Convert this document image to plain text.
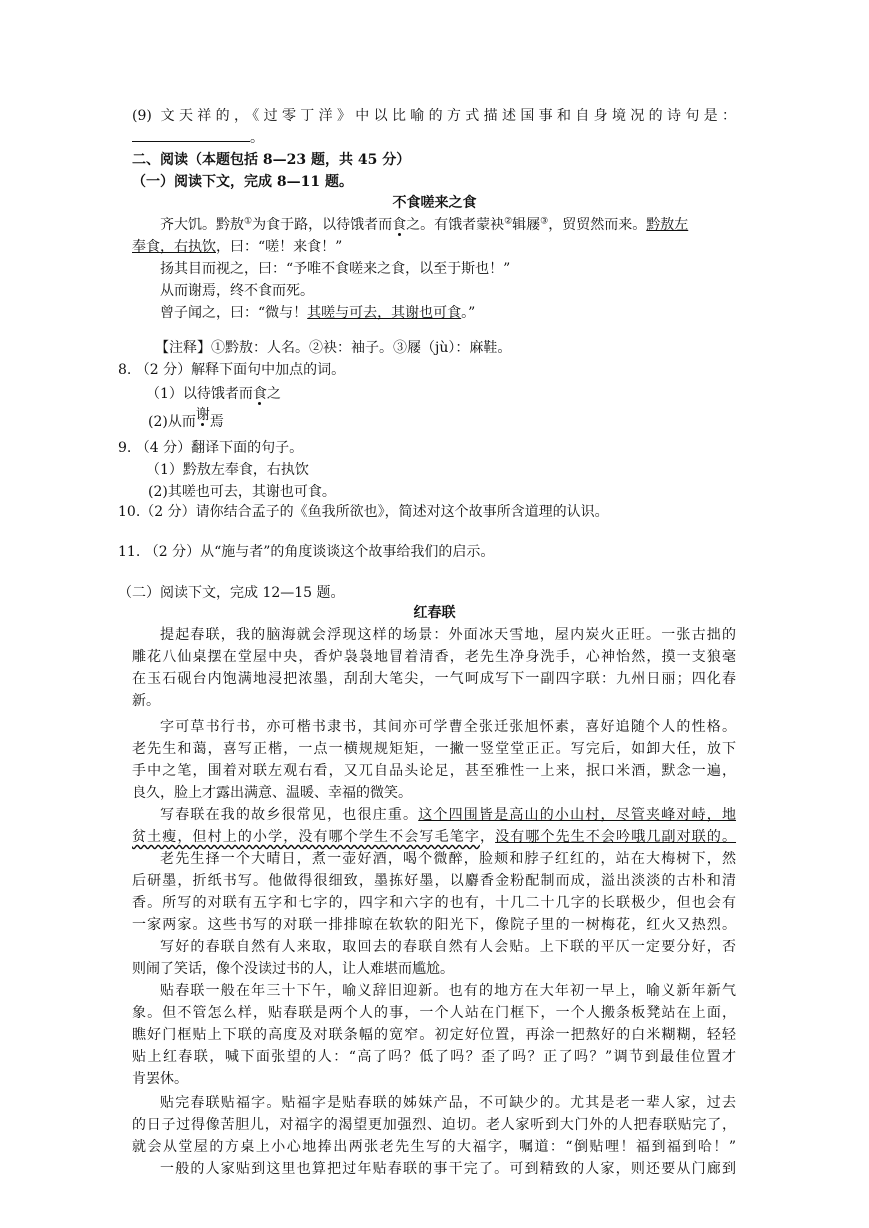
(9) 文天祥的，《过零丁洋》中以比喻的方式描述国事和自身境况的诗句是：
。
二、阅读（本题包括 8—23 题，共 45 分）
（一）阅读下文，完成 8—11 题。
不食嗟来之食
齐大饥。黔敖①为食于路，以待饿者而食之。有饿者蒙袂②辑屦③，贸贸然而来。黔敖左
奉食，右执饮，曰：“嗟！来食！”
扬其目而视之，曰：“予唯不食嗟来之食，以至于斯也！”
从而谢焉，终不食而死。
曾子闻之，曰：“微与！其嗟与可去，其谢也可食。”
【注释】①黔敖：人名。②袂：袖子。③屦（jù）：麻鞋。
8. （2 分）解释下面句中加点的词。
（1）以待饿者而食之
(2)从而谢焉
9. （4 分）翻译下面的句子。
（1）黔敖左奉食，右执饮
(2)其嗟也可去，其谢也可食。
10.（2 分）请你结合孟子的《鱼我所欲也》，简述对这个故事所含道理的认识。
11. （2 分）从“施与者”的角度谈谈这个故事给我们的启示。
（二）阅读下文，完成 12—15 题。
红春联
提起春联，我的脑海就会浮现这样的场景：外面冰天雪地，屋内炭火正旺。一张古拙的
雕花八仙桌摆在堂屋中央，香炉袅袅地冒着清香，老先生净身洗手，心神怡然，摸一支狼毫
在玉石砚台内饱满地浸把浓墨，刮刮大笔尖，一气呵成写下一副四字联：九州日丽；四化春
新。
字可草书行书，亦可楷书隶书，其间亦可学曹全张迁张旭怀素，喜好追随个人的性格。
老先生和蔼，喜写正楷，一点一横规规矩矩，一撇一竖堂堂正正。写完后，如卸大任，放下
手中之笔，围着对联左观右看，又兀自品头论足，甚至雅性一上来，抿口米酒，默念一遍，
良久，脸上才露出满意、温暖、幸福的微笑。
写春联在我的故乡很常见，也很庄重。这个四围皆是高山的小山村，尽管夹峰对峙，地
贫土瘦，但村上的小学，没有哪个学生不会写毛笔字，没有哪个先生不会吟哦几副对联的。
老先生择一个大晴日，煮一壶好酒，喝个微醉，脸颊和脖子红红的，站在大梅树下，然
后研墨，折纸书写。他做得很细致，墨拣好墨，以麝香金粉配制而成，溢出淡淡的古朴和清
香。所写的对联有五字和七字的，四字和六字的也有，十几二十几字的长联极少，但也会有
一家两家。这些书写的对联一排排晾在软软的阳光下，像院子里的一树梅花，红火又热烈。
写好的春联自然有人来取，取回去的春联自然有人会贴。上下联的平仄一定要分好，否
则闹了笑话，像个没读过书的人，让人难堪而尴尬。
贴春联一般在年三十下午，喻义辞旧迎新。也有的地方在大年初一早上，喻义新年新气
象。但不管怎么样，贴春联是两个人的事，一个人站在门框下，一个人搬条板凳站在上面，
瞧好门框贴上下联的高度及对联条幅的宽窄。初定好位置，再涂一把熬好的白米糊糊，轻轻
贴上红春联，喊下面张望的人：“高了吗？低了吗？歪了吗？正了吗？”调节到最佳位置才
肯罢休。
贴完春联贴福字。贴福字是贴春联的姊妹产品，不可缺少的。尤其是老一辈人家，过去
的日子过得像苦胆儿，对福字的渴望更加强烈、迫切。老人家听到大门外的人把春联贴完了，
就会从堂屋的方桌上小心地捧出两张老先生写的大福字，嘱道：“倒贴哩！福到福到哈！”
一般的人家贴到这里也算把过年贴春联的事干完了。可到精致的人家，则还要从门廊到
